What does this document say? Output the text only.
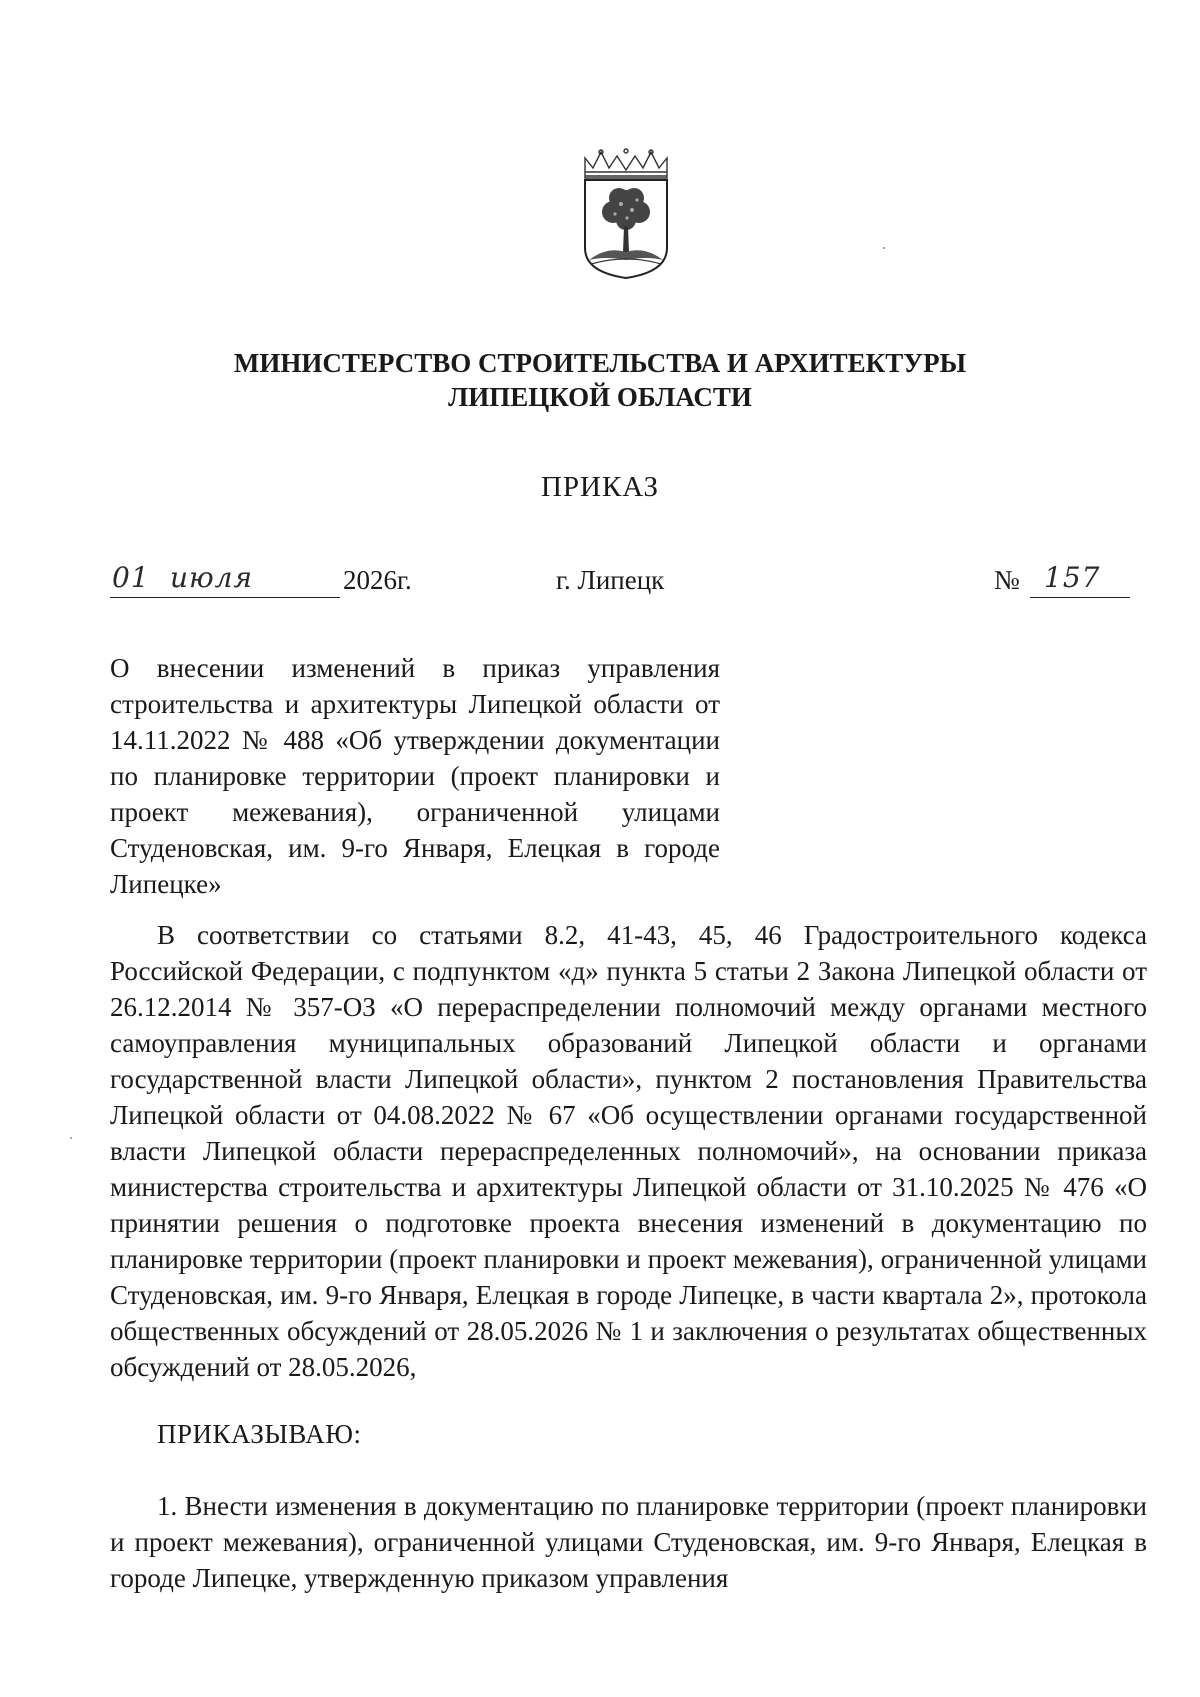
МИНИСТЕРСТВО СТРОИТЕЛЬСТВА И АРХИТЕКТУРЫ
ЛИПЕЦКОЙ ОБЛАСТИ
ПРИКАЗ
01 июля	2026г.	г. Липецк	№ 157
О внесении изменений в приказ управления строительства и архитектуры Липецкой области от 14.11.2022 № 488 «Об утверждении документации по планировке территории (проект планировки и проект межевания), ограниченной улицами Студеновская, им. 9-го Января, Елецкая в городе Липецке»
В соответствии со статьями 8.2, 41-43, 45, 46 Градостроительного кодекса Российской Федерации, с подпунктом «д» пункта 5 статьи 2 Закона Липецкой области от 26.12.2014 № 357-ОЗ «О перераспределении полномочий между органами местного самоуправления муниципальных образований Липецкой области и органами государственной власти Липецкой области», пунктом 2 постановления Правительства Липецкой области от 04.08.2022 № 67 «Об осуществлении органами государственной власти Липецкой области перераспределенных полномочий», на основании приказа министерства строительства и архитектуры Липецкой области от 31.10.2025 № 476 «О принятии решения о подготовке проекта внесения изменений в документацию по планировке территории (проект планировки и проект межевания), ограниченной улицами Студеновская, им. 9-го Января, Елецкая в городе Липецке, в части квартала 2», протокола общественных обсуждений от 28.05.2026 № 1 и заключения о результатах общественных обсуждений от 28.05.2026,
ПРИКАЗЫВАЮ:
1. Внести изменения в документацию по планировке территории (проект планировки и проект межевания), ограниченной улицами Студеновская, им. 9-го Января, Елецкая в городе Липецке, утвержденную приказом управления
